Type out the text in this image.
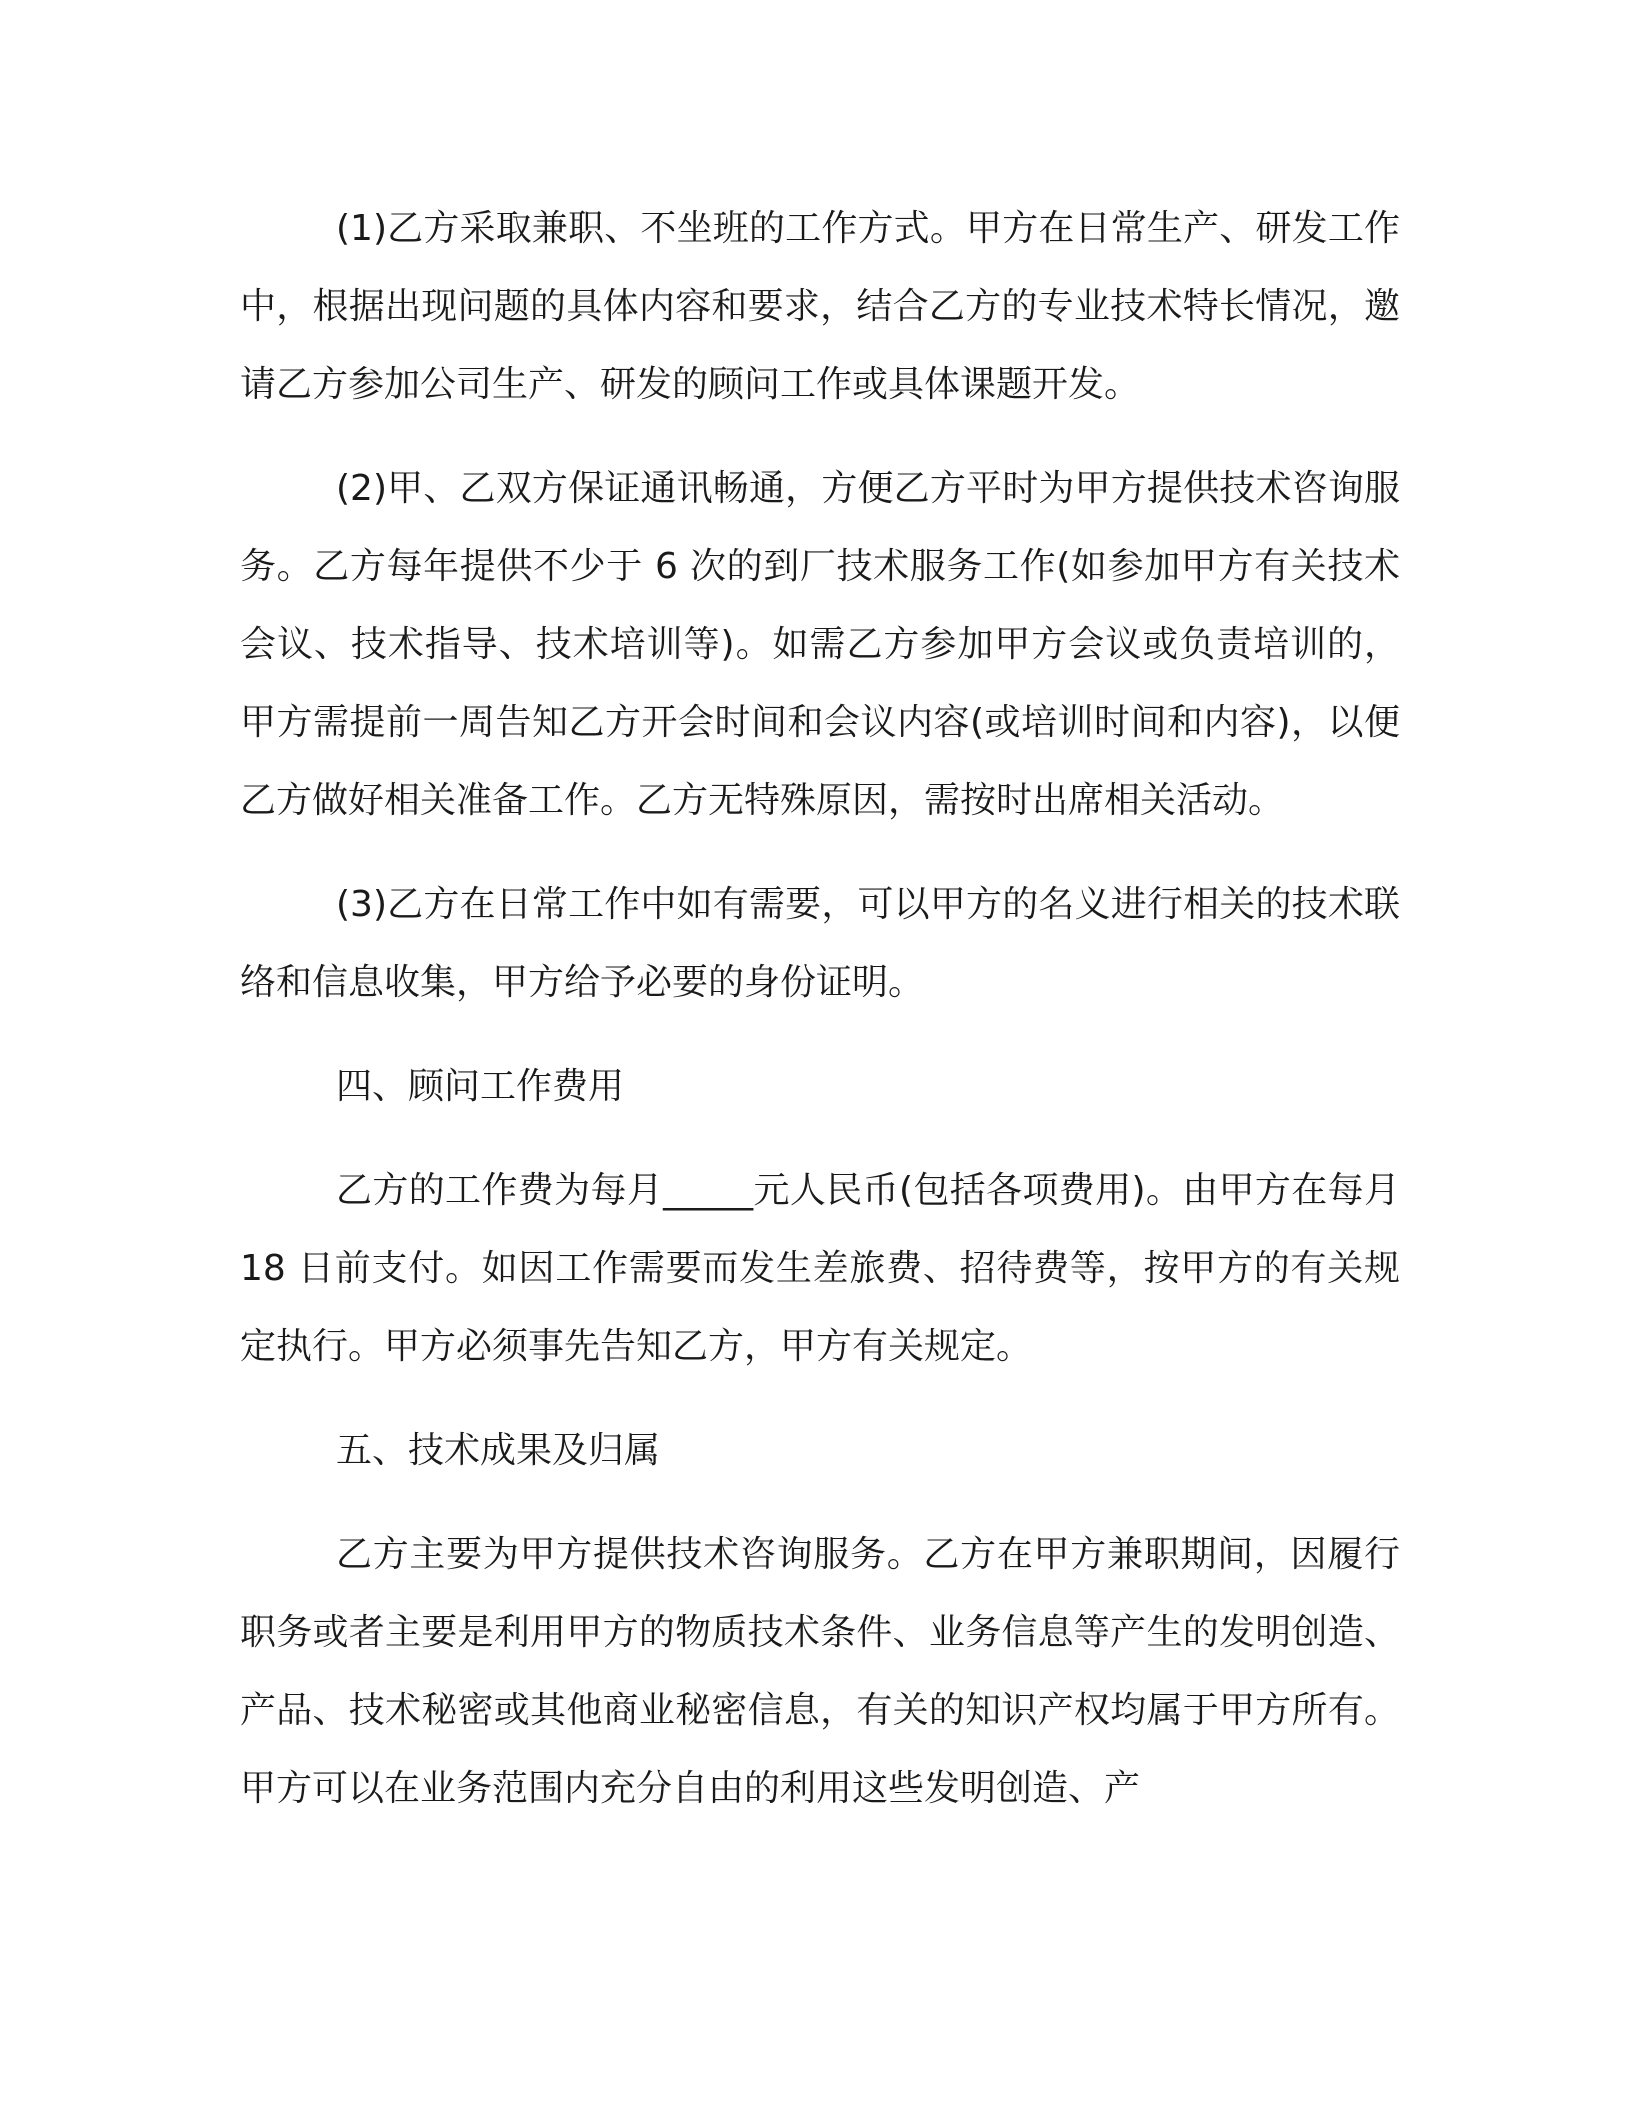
(1)乙方采取兼职、不坐班的工作方式。甲方在日常生产、研发工作中，根据出现问题的具体内容和要求，结合乙方的专业技术特长情况，邀请乙方参加公司生产、研发的顾问工作或具体课题开发。

(2)甲、乙双方保证通讯畅通，方便乙方平时为甲方提供技术咨询服务。乙方每年提供不少于 6 次的到厂技术服务工作(如参加甲方有关技术会议、技术指导、技术培训等)。如需乙方参加甲方会议或负责培训的，甲方需提前一周告知乙方开会时间和会议内容(或培训时间和内容)，以便乙方做好相关准备工作。乙方无特殊原因，需按时出席相关活动。

(3)乙方在日常工作中如有需要，可以甲方的名义进行相关的技术联络和信息收集，甲方给予必要的身份证明。

四、顾问工作费用

乙方的工作费为每月_____元人民币(包括各项费用)。由甲方在每月 18 日前支付。如因工作需要而发生差旅费、招待费等，按甲方的有关规定执行。甲方必须事先告知乙方，甲方有关规定。

五、技术成果及归属

乙方主要为甲方提供技术咨询服务。乙方在甲方兼职期间，因履行职务或者主要是利用甲方的物质技术条件、业务信息等产生的发明创造、产品、技术秘密或其他商业秘密信息，有关的知识产权均属于甲方所有。甲方可以在业务范围内充分自由的利用这些发明创造、产
